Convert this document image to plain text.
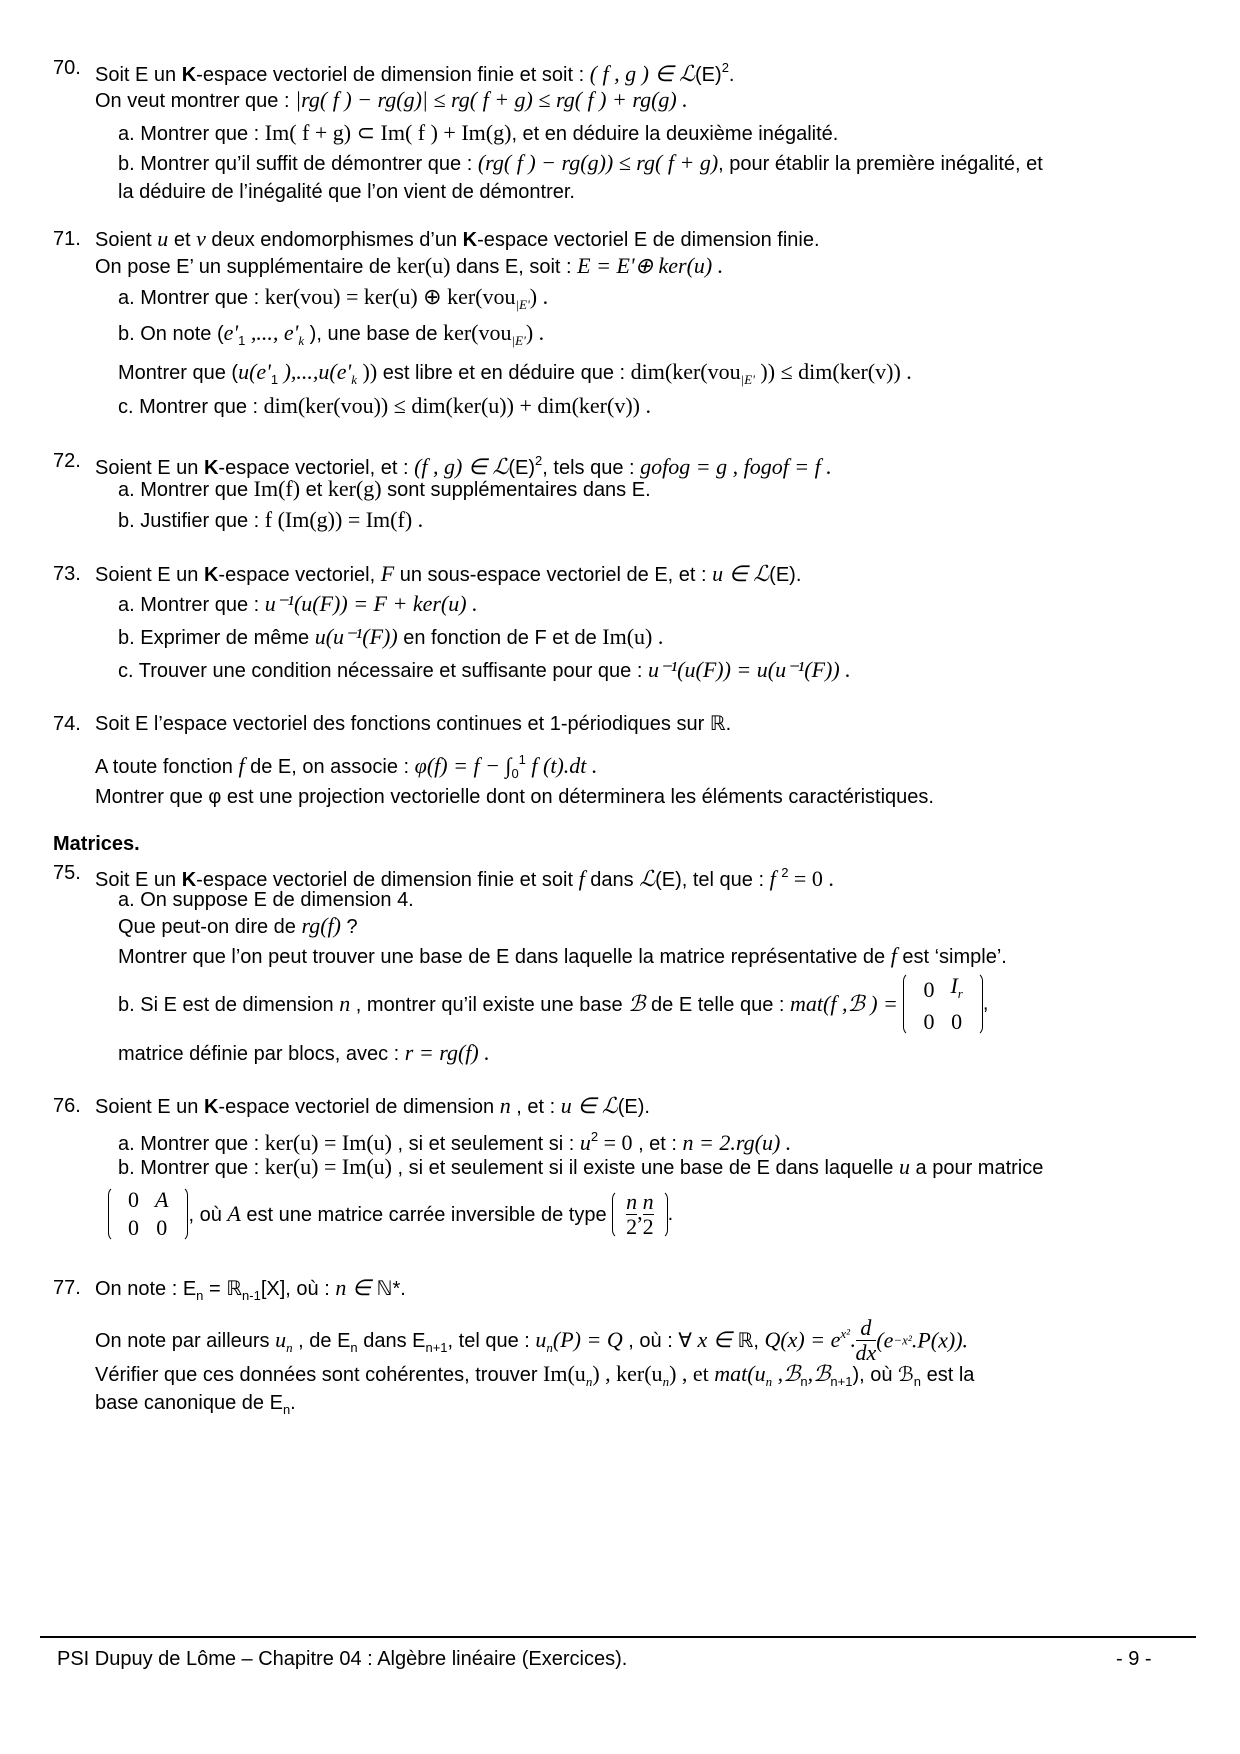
70. Soit E un K-espace vectoriel de dimension finie et soit : ( f , g ) ∈ $ℒ(E)^2$.
On veut montrer que : |rg( f ) − rg(g)| ≤ rg( f + g) ≤ rg( f ) + rg(g) .
a. Montrer que : Im( f + g) ⊂ Im( f ) + Im(g), et en déduire la deuxième inégalité.
b. Montrer qu’il suffit de démontrer que : (rg( f ) − rg(g)) ≤ rg( f + g), pour établir la première inégalité, et
la déduire de l’inégalité que l’on vient de démontrer.
71. Soient u et v deux endomorphismes d’un K-espace vectoriel E de dimension finie.
On pose E’ un supplémentaire de ker(u) dans E, soit : E = E'⊕ ker(u) .
a. Montrer que : ker(vou) = ker(u) ⊕ ker(vou$_{|E'}$) .
b. On note ($e'_1$ ,..., $e'_k$ ), une base de ker(vou$_{|E'}$) .
Montrer que ($u(e'_1$ )$,...,u(e'_k$ )) est libre et en déduire que : dim(ker(vou$_{|E'}$ )) ≤ dim(ker(v)) .
c. Montrer que : dim(ker(vou)) ≤ dim(ker(u)) + dim(ker(v)) .
72. Soient E un K-espace vectoriel, et : (f , g) ∈ $ℒ(E)^2$, tels que : gofog = g , fogof = f .
a. Montrer que Im(f) et ker(g) sont supplémentaires dans E.
b. Justifier que : f (Im(g)) = Im(f) .
73. Soient E un K-espace vectoriel, F un sous-espace vectoriel de E, et : u ∈ ℒ(E).
a. Montrer que : u⁻¹(u(F)) = F + ker(u) .
b. Exprimer de même u(u⁻¹(F)) en fonction de F et de Im(u) .
c. Trouver une condition nécessaire et suffisante pour que : u⁻¹(u(F)) = u(u⁻¹(F)) .
74. Soit E l’espace vectoriel des fonctions continues et 1-périodiques sur ℝ.
A toute fonction f de E, on associe : $\varphi(f) = f - \int_0^1$ f (t).dt .
Montrer que φ est une projection vectorielle dont on déterminera les éléments caractéristiques.
Matrices.
75. Soit E un K-espace vectoriel de dimension finie et soit f dans ℒ(E), tel que : f $^2$ = 0 .
a. On suppose E de dimension 4.
Que peut-on dire de rg(f) ?
Montrer que l’on peut trouver une base de E dans laquelle la matrice représentative de f est ‘simple’.
b. Si E est de dimension n , montrer qu’il existe une base ℬ de E telle que : mat(f ,ℬ ) =
0	$I_r$
0	0
,
matrice définie par blocs, avec : r = rg(f) .
76. Soient E un K-espace vectoriel de dimension n , et : u ∈ ℒ(E).
a. Montrer que : ker(u) = Im(u) , si et seulement si : $u^2 = 0$ , et : n = 2.rg(u) .
b. Montrer que : ker(u) = Im(u) , si et seulement si il existe une base de E dans laquelle u a pour matrice
0	A
0	0
, où A est une matrice carrée inversible de type $\frac{n}{2}$ , $\frac{n}{2}$ .
77. On note : $E_n$ = ℝ$_{n-1}$[X], où : n ∈ ℕ*.
On note par ailleurs $u_n$ , de $E_n$ dans $E_{n+1}$, tel que : $u_n(P) = Q$ , où : ∀ x ∈ ℝ, $Q(x) = e^{x^2}$. $\frac{d}{dx} (e-x^2.P(x))$.
Vérifier que ces données sont cohérentes, trouver $Im(u_n)$ , $ker(u_n)$ , et $mat(u_n$ ,ℬ$_n$,ℬ$_{n+1}$), où ℬ$_n$ est la
base canonique de $E_n$.
PSI Dupuy de Lôme – Chapitre 04 : Algèbre linéaire (Exercices).	- 9 -
